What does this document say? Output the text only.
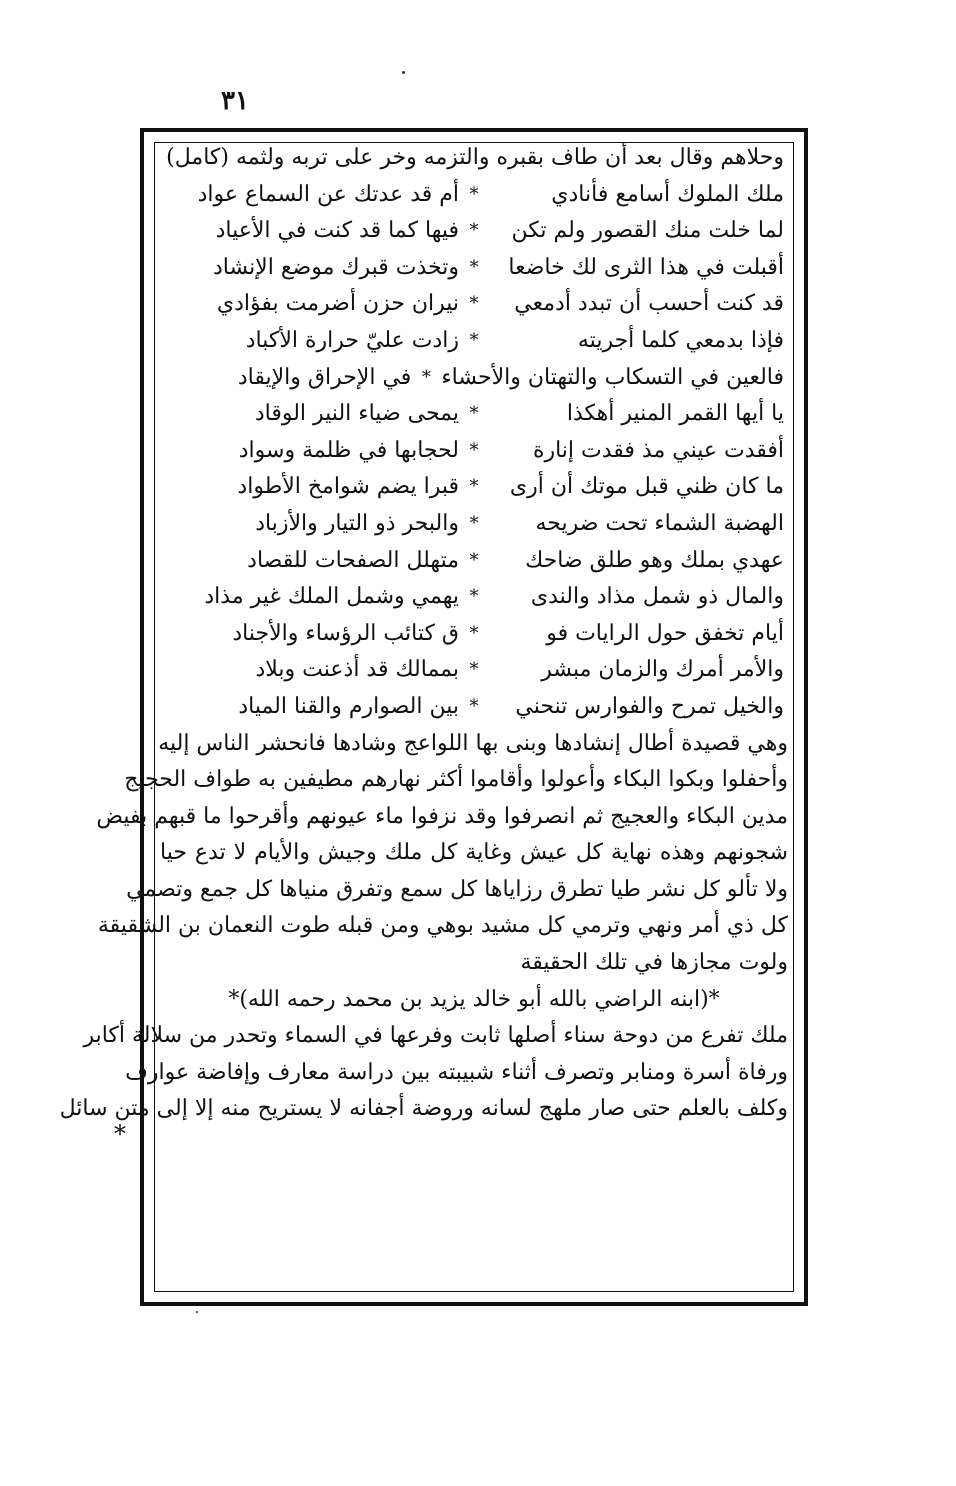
٣١
وحلاهم وقال بعد أن طاف بقبره والتزمه وخر على تربه ولثمه (كامل)
ملك الملوك أسامع فأنادي
*
أم قد عدتك عن السماع عواد
لما خلت منك القصور ولم تكن
*
فيها كما قد كنت في الأعياد
أقبلت في هذا الثرى لك خاضعا
*
وتخذت قبرك موضع الإنشاد
قد كنت أحسب أن تبدد أدمعي
*
نيران حزن أضرمت بفؤادي
فإذا بدمعي كلما أجريته
*
زادت عليّ حرارة الأكباد
فالعين في التسكاب والتهتان والأحشاء
*
في الإحراق والإيقاد
يا أيها القمر المنير أهكذا
*
يمحى ضياء النير الوقاد
أفقدت عيني مذ فقدت إنارة
*
لحجابها في ظلمة وسواد
ما كان ظني قبل موتك أن أرى
*
قبرا يضم شوامخ الأطواد
الهضبة الشماء تحت ضريحه
*
والبحر ذو التيار والأزباد
عهدي بملك وهو طلق ضاحك
*
متهلل الصفحات للقصاد
والمال ذو شمل مذاد والندى
*
يهمي وشمل الملك غير مذاد
أيام تخفق حول الرايات فو
*
ق كتائب الرؤساء والأجناد
والأمر أمرك والزمان مبشر
*
بممالك قد أذعنت وبلاد
والخيل تمرح والفوارس تنحني
*
بين الصوارم والقنا المياد
وهي قصيدة أطال إنشادها وبنى بها اللواعج وشادها فانحشر الناس إليه
وأحفلوا وبكوا البكاء وأعولوا وأقاموا أكثر نهارهم مطيفين به طواف الحجيج
مدين البكاء والعجيج ثم انصرفوا وقد نزفوا ماء عيونهم وأقرحوا ما قبهم بفيض
شجونهم وهذه نهاية كل عيش وغاية كل ملك وجيش والأيام لا تدع حيا
ولا تألو كل نشر طيا تطرق رزاياها كل سمع وتفرق منياها كل جمع وتصمي
كل ذي أمر ونهي وترمي كل مشيد بوهي ومن قبله طوت النعمان بن الشقيقة
ولوت مجازها في تلك الحقيقة
*(ابنه الراضي بالله أبو خالد يزيد بن محمد رحمه الله)*
ملك تفرع من دوحة سناء أصلها ثابت وفرعها في السماء وتحدر من سلالة أكابر
ورفاة أسرة ومنابر وتصرف أثناء شبيبته بين دراسة معارف وإفاضة عوارف
وكلف بالعلم حتى صار ملهج لسانه وروضة أجفانه لا يستريح منه إلا إلى متن سائل
*
